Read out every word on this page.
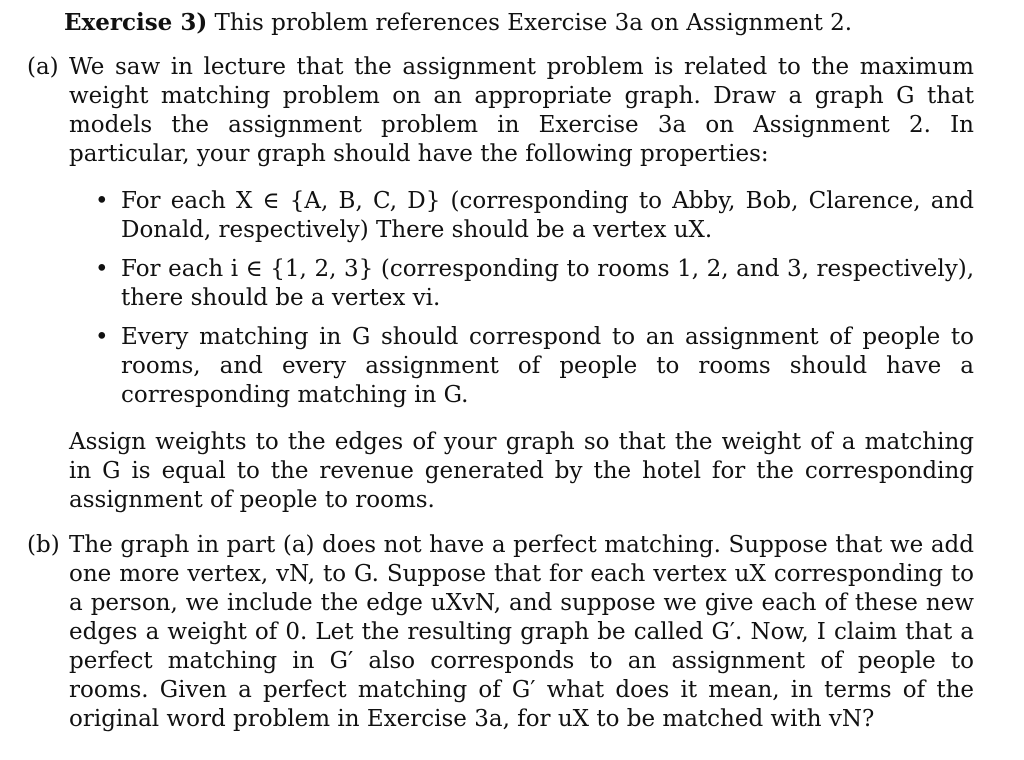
Exercise 3) This problem references Exercise 3a on Assignment 2.
(a) We saw in lecture that the assignment problem is related to the maximum weight matching problem on an appropriate graph. Draw a graph G that models the assignment problem in Exercise 3a on Assignment 2. In particular, your graph should have the following properties:

• For each X ∈ {A, B, C, D} (corresponding to Abby, Bob, Clarence, and Donald, respectively) There should be a vertex uX.

• For each i ∈ {1, 2, 3} (corresponding to rooms 1, 2, and 3, respectively), there should be a vertex vi.

• Every matching in G should correspond to an assignment of people to rooms, and every assignment of people to rooms should have a corresponding matching in G.

Assign weights to the edges of your graph so that the weight of a matching in G is equal to the revenue generated by the hotel for the corresponding assignment of people to rooms.

(b) The graph in part (a) does not have a perfect matching. Suppose that we add one more vertex, vN, to G. Suppose that for each vertex uX corresponding to a person, we include the edge uXvN, and suppose we give each of these new edges a weight of 0. Let the resulting graph be called G′. Now, I claim that a perfect matching in G′ also corresponds to an assignment of people to rooms. Given a perfect matching of G′ what does it mean, in terms of the original word problem in Exercise 3a, for uX to be matched with vN?
